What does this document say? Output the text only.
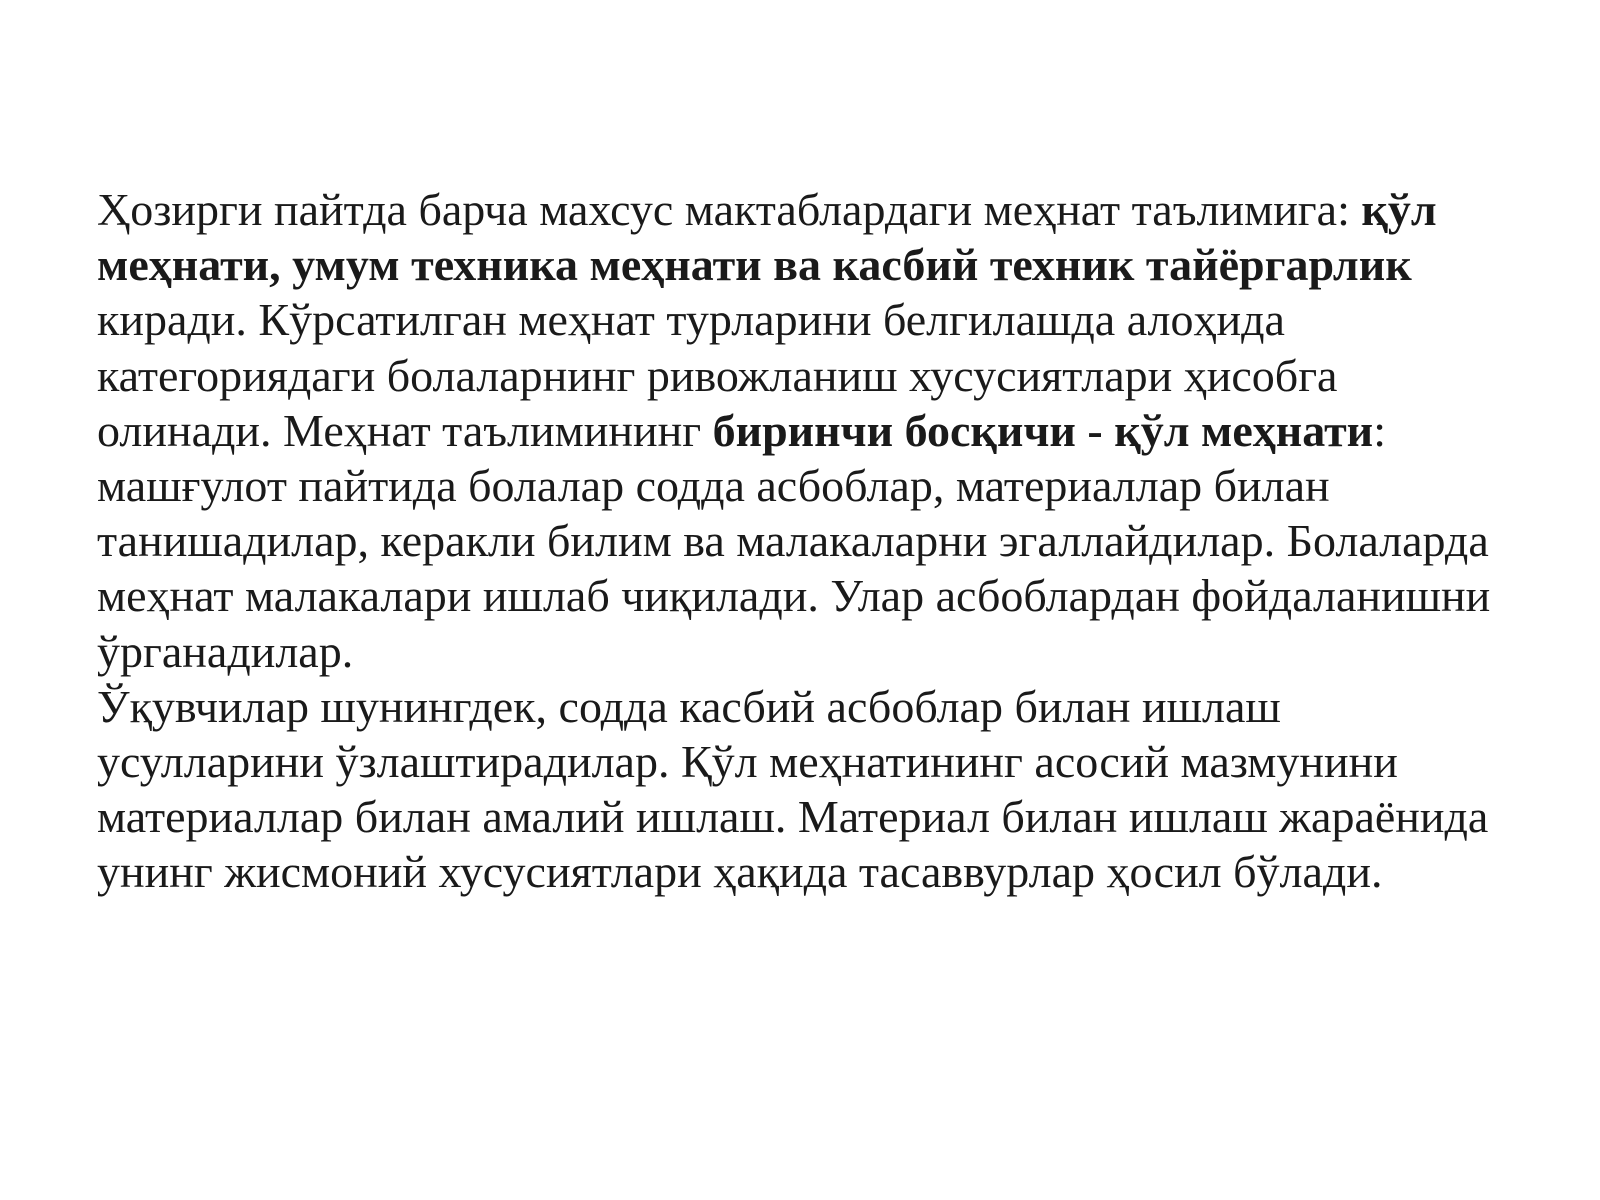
Ҳозирги пайтда барча махсус мактаблардаги меҳнат таълимига: қўл меҳнати, умум техника меҳнати ва касбий техник тайёргарлик киради. Кўрсатилган меҳнат турларини белгилашда алоҳида категориядаги болаларнинг ривожланиш хусусиятлари ҳисобга олинади. Меҳнат таълимининг биринчи босқичи - қўл меҳнати: машғулот пайтида болалар содда асбоблар, материаллар билан танишадилар, кеpакли билим ва малакаларни эгаллайдилар. Болаларда меҳнат малакалари ишлаб чиқилади. Улар асбоблардан фойдаланишни ўрганадилар.

Ўқувчилар шунингдек, содда касбий асбоблар билан ишлаш усулларини ўзлаштирадилар. Қўл меҳнатининг асосий мазмунини материаллар билан амалий ишлаш. Материал билан ишлаш жараёнида унинг жисмоний хусусиятлари ҳақида тасаввурлар ҳосил бўлади.
